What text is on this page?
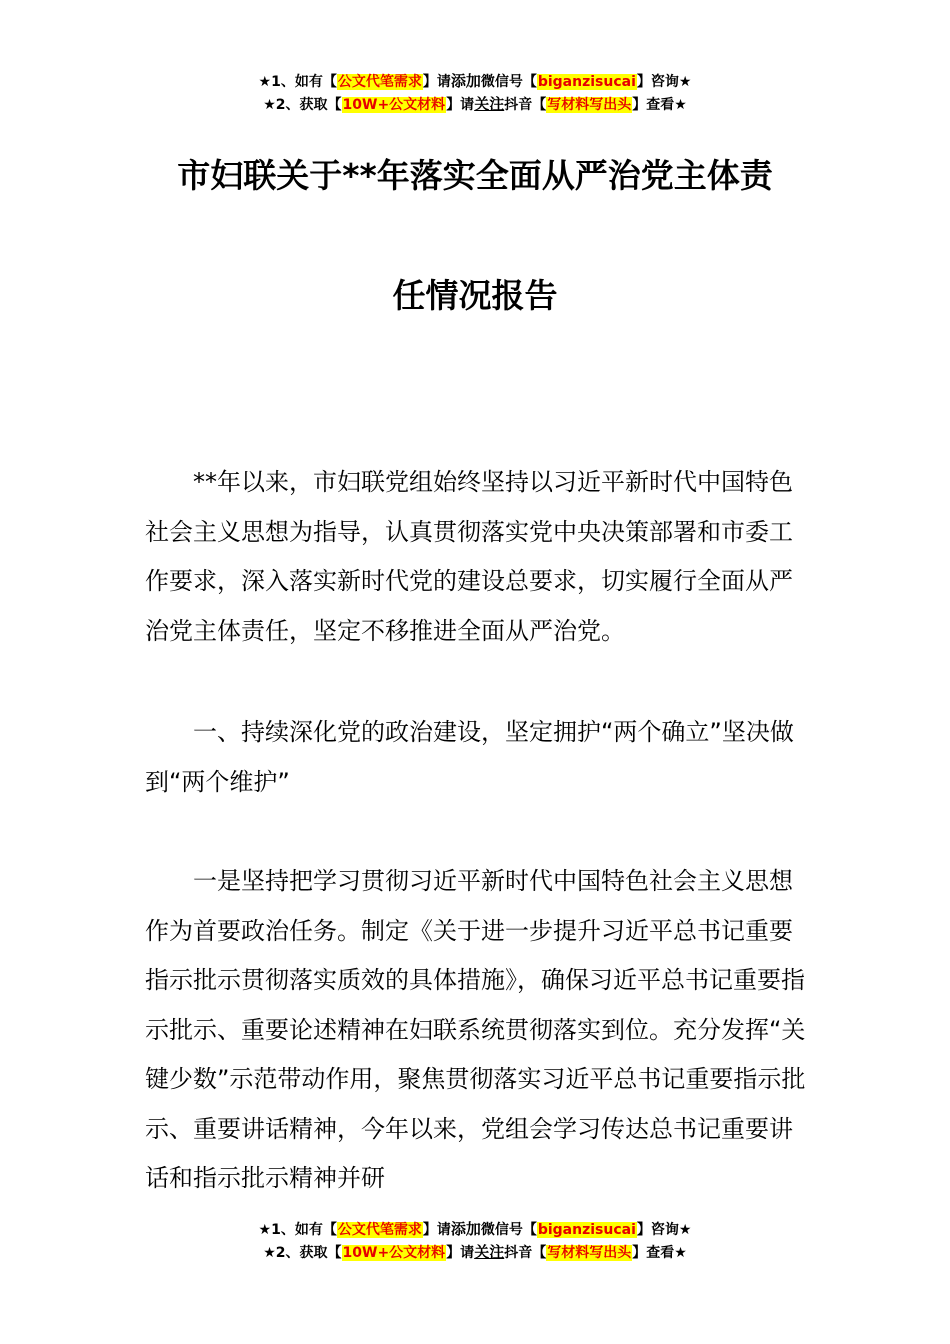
★1、如有【公文代笔需求】请添加微信号【biganzisucai】咨询★
★2、获取【10W+公文材料】请关注抖音【写材料写出头】查看★
市妇联关于**年落实全面从严治党主体责
任情况报告

**年以来，市妇联党组始终坚持以习近平新时代中国特色社会主义思想为指导，认真贯彻落实党中央决策部署和市委工作要求，深入落实新时代党的建设总要求，切实履行全面从严治党主体责任，坚定不移推进全面从严治党。

一、持续深化党的政治建设，坚定拥护“两个确立”坚决做到“两个维护”

一是坚持把学习贯彻习近平新时代中国特色社会主义思想作为首要政治任务。制定《关于进一步提升习近平总书记重要指示批示贯彻落实质效的具体措施》，确保习近平总书记重要指示批示、重要论述精神在妇联系统贯彻落实到位。充分发挥“关键少数”示范带动作用，聚焦贯彻落实习近平总书记重要指示批示、重要讲话精神，今年以来，党组会学习传达总书记重要讲话和指示批示精神并研

★1、如有【公文代笔需求】请添加微信号【biganzisucai】咨询★
★2、获取【10W+公文材料】请关注抖音【写材料写出头】查看★
